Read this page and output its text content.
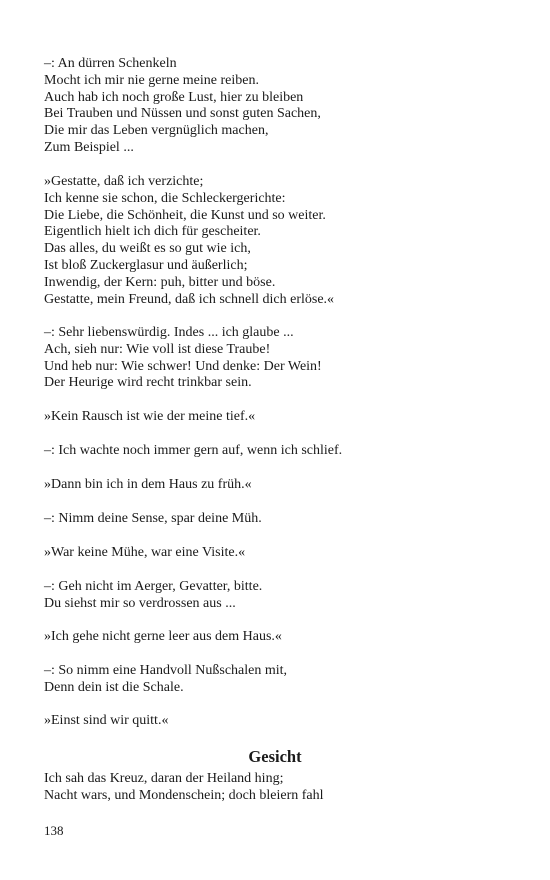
–: An dürren Schenkeln
Mocht ich mir nie gerne meine reiben.
Auch hab ich noch große Lust, hier zu bleiben
Bei Trauben und Nüssen und sonst guten Sachen,
Die mir das Leben vergnüglich machen,
Zum Beispiel ...
»Gestatte, daß ich verzichte;
Ich kenne sie schon, die Schleckergerichte:
Die Liebe, die Schönheit, die Kunst und so weiter.
Eigentlich hielt ich dich für gescheiter.
Das alles, du weißt es so gut wie ich,
Ist bloß Zuckerglasur und äußerlich;
Inwendig, der Kern: puh, bitter und böse.
Gestatte, mein Freund, daß ich schnell dich erlöse.«
–: Sehr liebenswürdig. Indes ... ich glaube ...
Ach, sieh nur: Wie voll ist diese Traube!
Und heb nur: Wie schwer! Und denke: Der Wein!
Der Heurige wird recht trinkbar sein.
»Kein Rausch ist wie der meine tief.«
–: Ich wachte noch immer gern auf, wenn ich schlief.
»Dann bin ich in dem Haus zu früh.«
–: Nimm deine Sense, spar deine Müh.
»War keine Mühe, war eine Visite.«
–: Geh nicht im Aerger, Gevatter, bitte.
Du siehst mir so verdrossen aus ...
»Ich gehe nicht gerne leer aus dem Haus.«
–: So nimm eine Handvoll Nußschalen mit,
Denn dein ist die Schale.
»Einst sind wir quitt.«
Gesicht
Ich sah das Kreuz, daran der Heiland hing;
Nacht wars, und Mondenschein; doch bleiern fahl
138
